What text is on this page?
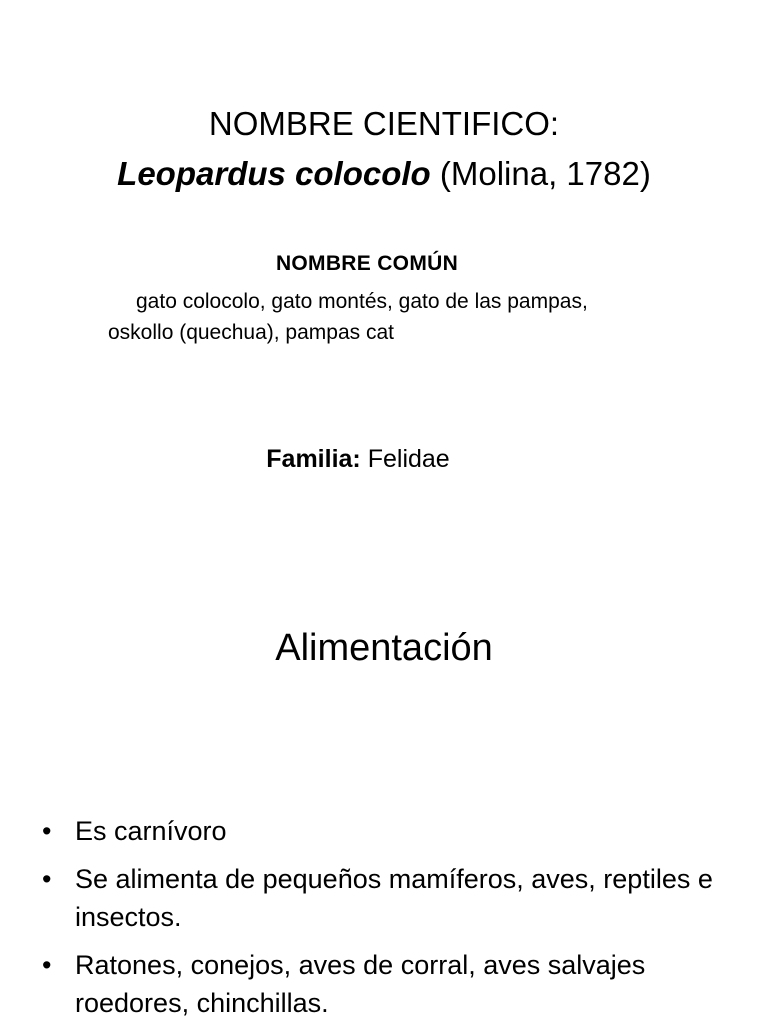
NOMBRE CIENTIFICO:
Leopardus colocolo (Molina, 1782)
NOMBRE COMÚN
gato colocolo, gato montés, gato de las pampas, oskollo (quechua), pampas cat
Familia: Felidae
Alimentación
• Es carnívoro
• Se alimenta de pequeños mamíferos, aves, reptiles e insectos.
• Ratones, conejos, aves de corral, aves salvajes roedores, chinchillas.
